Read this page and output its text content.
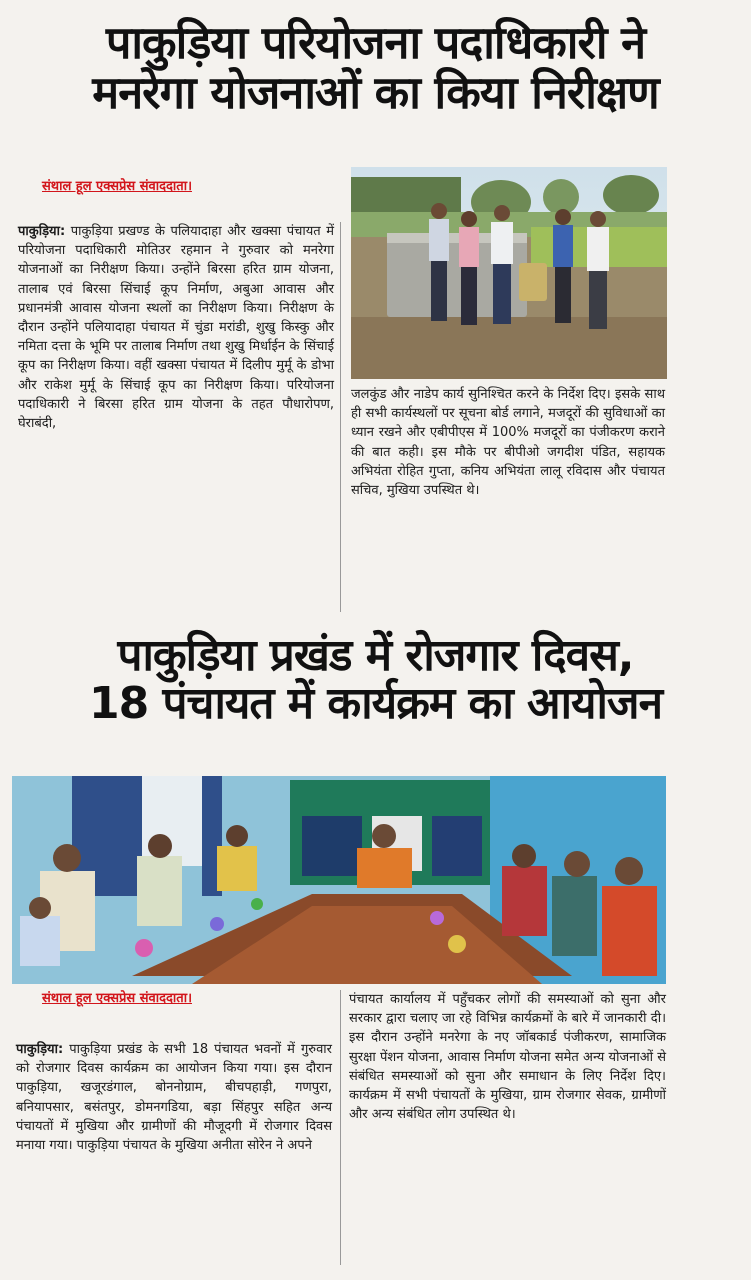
पाकुड़िया परियोजना पदाधिकारी ने
मनरेगा योजनाओं का किया निरीक्षण
संथाल हूल एक्सप्रेस संवाददाता।
पाकुड़िया: पाकुड़िया प्रखण्ड के पलियादाहा और खक्सा पंचायत में परियोजना पदाधिकारी मोतिउर रहमान ने गुरुवार को मनरेगा योजनाओं का निरीक्षण किया। उन्होंने बिरसा हरित ग्राम योजना, तालाब एवं बिरसा सिंचाई कूप निर्माण, अबुआ आवास और प्रधानमंत्री आवास योजना स्थलों का निरीक्षण किया। निरीक्षण के दौरान उन्होंने पलियादाहा पंचायत में चुंडा मरांडी, शुखु किस्कु और नमिता दत्ता के भूमि पर तालाब निर्माण तथा शुखु मिर्धाईन के सिंचाई कूप का निरीक्षण किया। वहीं खक्सा पंचायत में दिलीप मुर्मू के डोभा और राकेश मुर्मू के सिंचाई कूप का निरीक्षण किया। परियोजना पदाधिकारी ने बिरसा हरित ग्राम योजना के तहत पौधारोपण, घेराबंदी,
जलकुंड और नाडेप कार्य सुनिश्चित करने के निर्देश दिए। इसके साथ ही सभी कार्यस्थलों पर सूचना बोर्ड लगाने, मजदूरों की सुविधाओं का ध्यान रखने और एबीपीएस में 100% मजदूरों का पंजीकरण कराने की बात कही। इस मौके पर बीपीओ जगदीश पंडित, सहायक अभियंता रोहित गुप्ता, कनिय अभियंता लालू रविदास और पंचायत सचिव, मुखिया उपस्थित थे।
पाकुड़िया प्रखंड में रोजगार दिवस,
18 पंचायत में कार्यक्रम का आयोजन
संथाल हूल एक्सप्रेस संवाददाता।
पाकुड़िया: पाकुड़िया प्रखंड के सभी 18 पंचायत भवनों में गुरुवार को रोजगार दिवस कार्यक्रम का आयोजन किया गया। इस दौरान पाकुड़िया, खजूरडंगाल, बोननोग्राम, बीचपहाड़ी, गणपुरा, बनियापसार, बसंतपुर, डोमनगडिया, बड़ा सिंहपुर सहित अन्य पंचायतों में मुखिया और ग्रामीणों की मौजूदगी में रोजगार दिवस मनाया गया। पाकुड़िया पंचायत के मुखिया अनीता सोरेन ने अपने
पंचायत कार्यालय में पहुँचकर लोगों की समस्याओं को सुना और सरकार द्वारा चलाए जा रहे विभिन्न कार्यक्रमों के बारे में जानकारी दी। इस दौरान उन्होंने मनरेगा के नए जॉबकार्ड पंजीकरण, सामाजिक सुरक्षा पेंशन योजना, आवास निर्माण योजना समेत अन्य योजनाओं से संबंधित समस्याओं को सुना और समाधान के लिए निर्देश दिए। कार्यक्रम में सभी पंचायतों के मुखिया, ग्राम रोजगार सेवक, ग्रामीणों और अन्य संबंधित लोग उपस्थित थे।
